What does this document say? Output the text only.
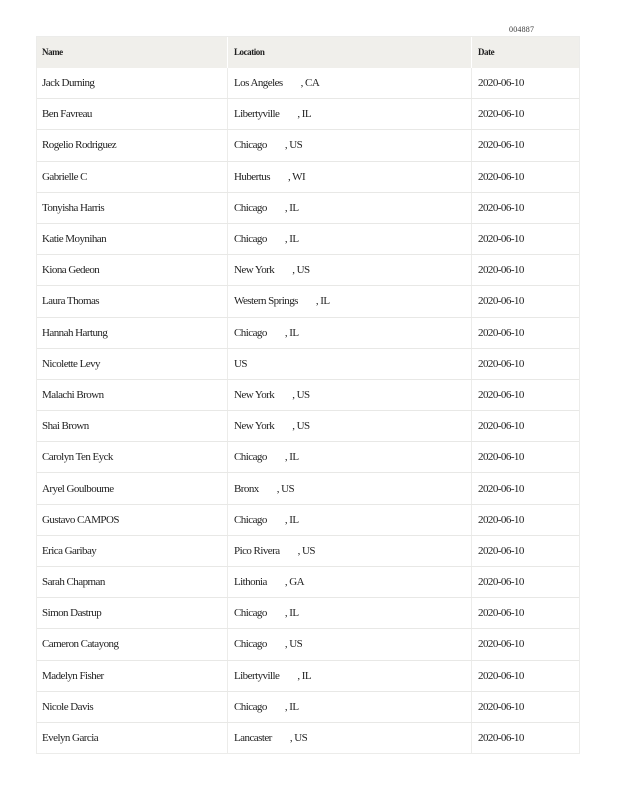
004887
Name	Location	Date
Jack Durning	Los Angeles , CA	2020-06-10
Ben Favreau	Libertyville , IL	2020-06-10
Rogelio Rodriguez	Chicago , US	2020-06-10
Gabrielle C	Hubertus , WI	2020-06-10
Tonyisha Harris	Chicago , IL	2020-06-10
Katie Moynihan	Chicago , IL	2020-06-10
Kiona Gedeon	New York , US	2020-06-10
Laura Thomas	Western Springs , IL	2020-06-10
Hannah Hartung	Chicago , IL	2020-06-10
Nicolette Levy	US	2020-06-10
Malachi Brown	New York , US	2020-06-10
Shai Brown	New York , US	2020-06-10
Carolyn Ten Eyck	Chicago , IL	2020-06-10
Aryel Goulbourne	Bronx , US	2020-06-10
Gustavo CAMPOS	Chicago , IL	2020-06-10
Erica Garibay	Pico Rivera , US	2020-06-10
Sarah Chapman	Lithonia , GA	2020-06-10
Simon Dastrup	Chicago , IL	2020-06-10
Cameron Catayong	Chicago , US	2020-06-10
Madelyn Fisher	Libertyville , IL	2020-06-10
Nicole Davis	Chicago , IL	2020-06-10
Evelyn Garcia	Lancaster , US	2020-06-10
